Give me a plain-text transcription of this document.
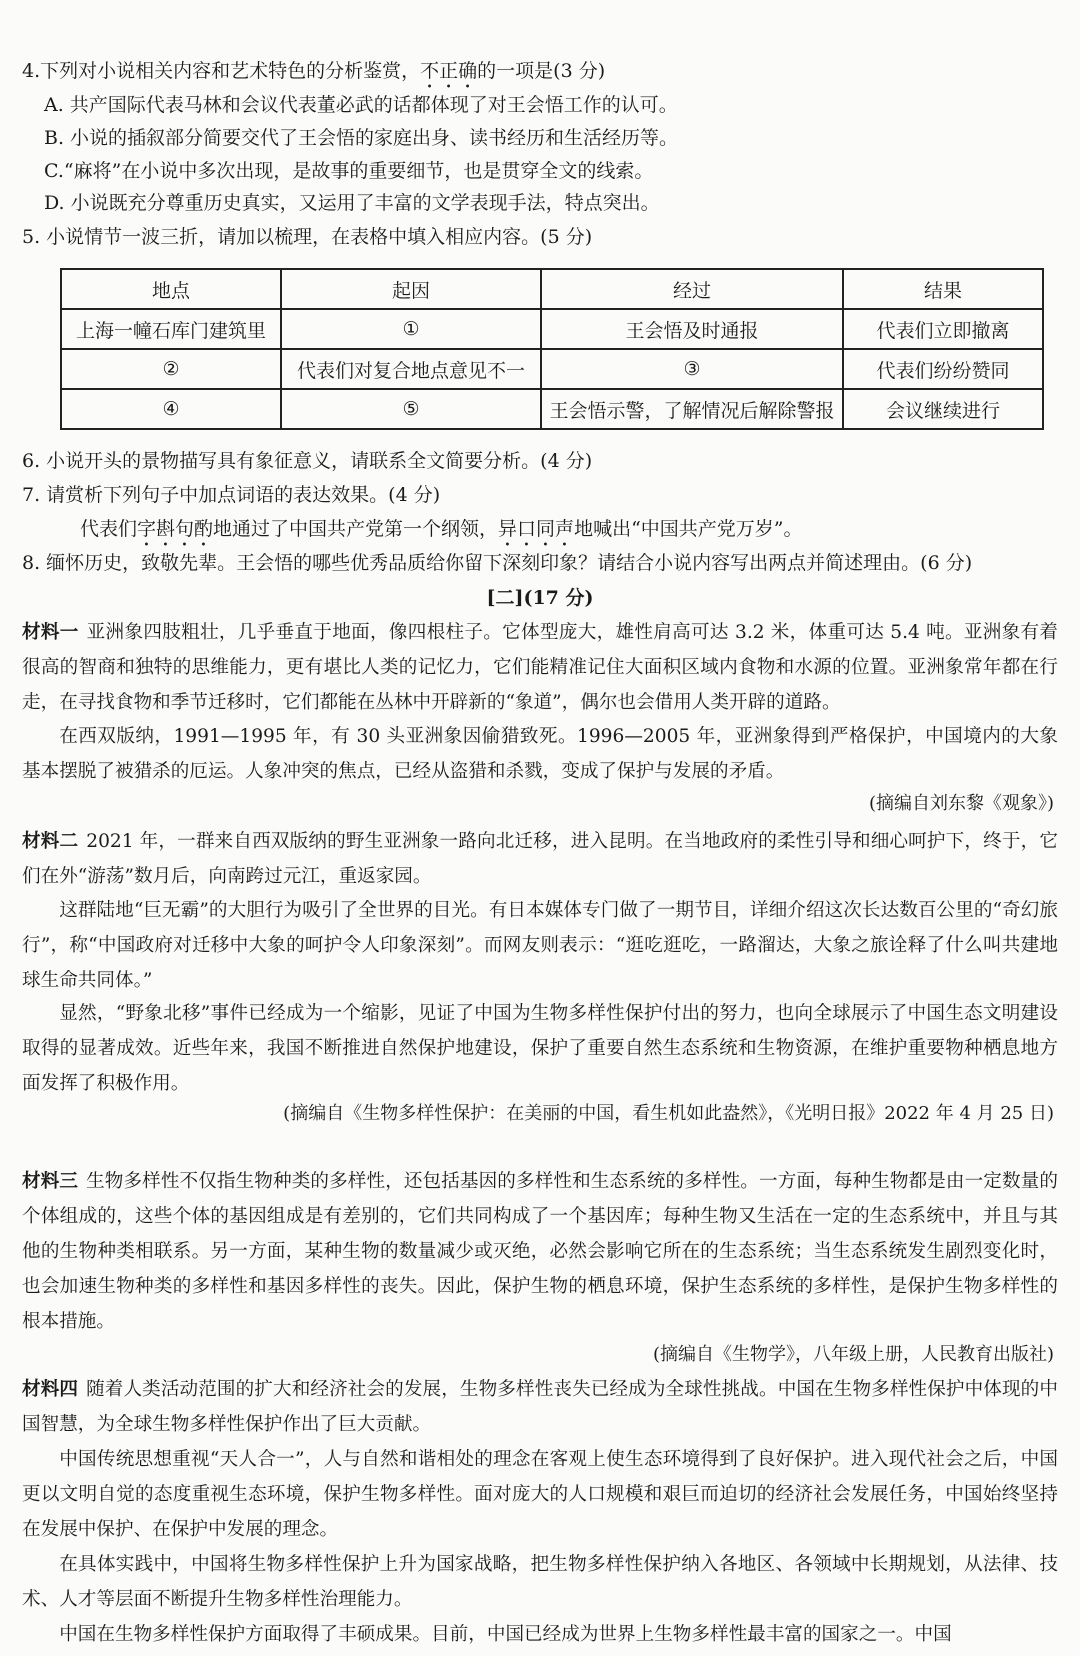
4.下列对小说相关内容和艺术特色的分析鉴赏，不正确的一项是(3 分)
A. 共产国际代表马林和会议代表董必武的话都体现了对王会悟工作的认可。
B. 小说的插叙部分简要交代了王会悟的家庭出身、读书经历和生活经历等。
C.“麻将”在小说中多次出现，是故事的重要细节，也是贯穿全文的线索。
D. 小说既充分尊重历史真实，又运用了丰富的文学表现手法，特点突出。
5. 小说情节一波三折，请加以梳理，在表格中填入相应内容。(5 分)
地点	起因	经过	结果
上海一幢石库门建筑里	①	王会悟及时通报	代表们立即撤离
②	代表们对复合地点意见不一	③	代表们纷纷赞同
④	⑤	王会悟示警，了解情况后解除警报	会议继续进行
6. 小说开头的景物描写具有象征意义，请联系全文简要分析。(4 分)
7. 请赏析下列句子中加点词语的表达效果。(4 分)
代表们字斟句酌地通过了中国共产党第一个纲领，异口同声地喊出“中国共产党万岁”。
8. 缅怀历史，致敬先辈。王会悟的哪些优秀品质给你留下深刻印象？请结合小说内容写出两点并简述理由。(6 分)
[二](17 分)
材料一 亚洲象四肢粗壮，几乎垂直于地面，像四根柱子。它体型庞大，雄性肩高可达 3.2 米，体重可达 5.4 吨。亚洲象有着很高的智商和独特的思维能力，更有堪比人类的记忆力，它们能精准记住大面积区域内食物和水源的位置。亚洲象常年都在行走，在寻找食物和季节迁移时，它们都能在丛林中开辟新的“象道”，偶尔也会借用人类开辟的道路。
在西双版纳，1991—1995 年，有 30 头亚洲象因偷猎致死。1996—2005 年，亚洲象得到严格保护，中国境内的大象基本摆脱了被猎杀的厄运。人象冲突的焦点，已经从盗猎和杀戮，变成了保护与发展的矛盾。
(摘编自刘东黎《观象》)
材料二 2021 年，一群来自西双版纳的野生亚洲象一路向北迁移，进入昆明。在当地政府的柔性引导和细心呵护下，终于，它们在外“游荡”数月后，向南跨过元江，重返家园。
这群陆地“巨无霸”的大胆行为吸引了全世界的目光。有日本媒体专门做了一期节目，详细介绍这次长达数百公里的“奇幻旅行”，称“中国政府对迁移中大象的呵护令人印象深刻”。而网友则表示：“逛吃逛吃，一路溜达，大象之旅诠释了什么叫共建地球生命共同体。”
显然，“野象北移”事件已经成为一个缩影，见证了中国为生物多样性保护付出的努力，也向全球展示了中国生态文明建设取得的显著成效。近些年来，我国不断推进自然保护地建设，保护了重要自然生态系统和生物资源，在维护重要物种栖息地方面发挥了积极作用。
(摘编自《生物多样性保护：在美丽的中国，看生机如此盎然》，《光明日报》2022 年 4 月 25 日)
材料三 生物多样性不仅指生物种类的多样性，还包括基因的多样性和生态系统的多样性。一方面，每种生物都是由一定数量的个体组成的，这些个体的基因组成是有差别的，它们共同构成了一个基因库；每种生物又生活在一定的生态系统中，并且与其他的生物种类相联系。另一方面，某种生物的数量减少或灭绝，必然会影响它所在的生态系统；当生态系统发生剧烈变化时，也会加速生物种类的多样性和基因多样性的丧失。因此，保护生物的栖息环境，保护生态系统的多样性，是保护生物多样性的根本措施。
(摘编自《生物学》，八年级上册，人民教育出版社)
材料四 随着人类活动范围的扩大和经济社会的发展，生物多样性丧失已经成为全球性挑战。中国在生物多样性保护中体现的中国智慧，为全球生物多样性保护作出了巨大贡献。
中国传统思想重视“天人合一”，人与自然和谐相处的理念在客观上使生态环境得到了良好保护。进入现代社会之后，中国更以文明自觉的态度重视生态环境，保护生物多样性。面对庞大的人口规模和艰巨而迫切的经济社会发展任务，中国始终坚持在发展中保护、在保护中发展的理念。
在具体实践中，中国将生物多样性保护上升为国家战略，把生物多样性保护纳入各地区、各领域中长期规划，从法律、技术、人才等层面不断提升生物多样性治理能力。
中国在生物多样性保护方面取得了丰硕成果。目前，中国已经成为世界上生物多样性最丰富的国家之一。中国
